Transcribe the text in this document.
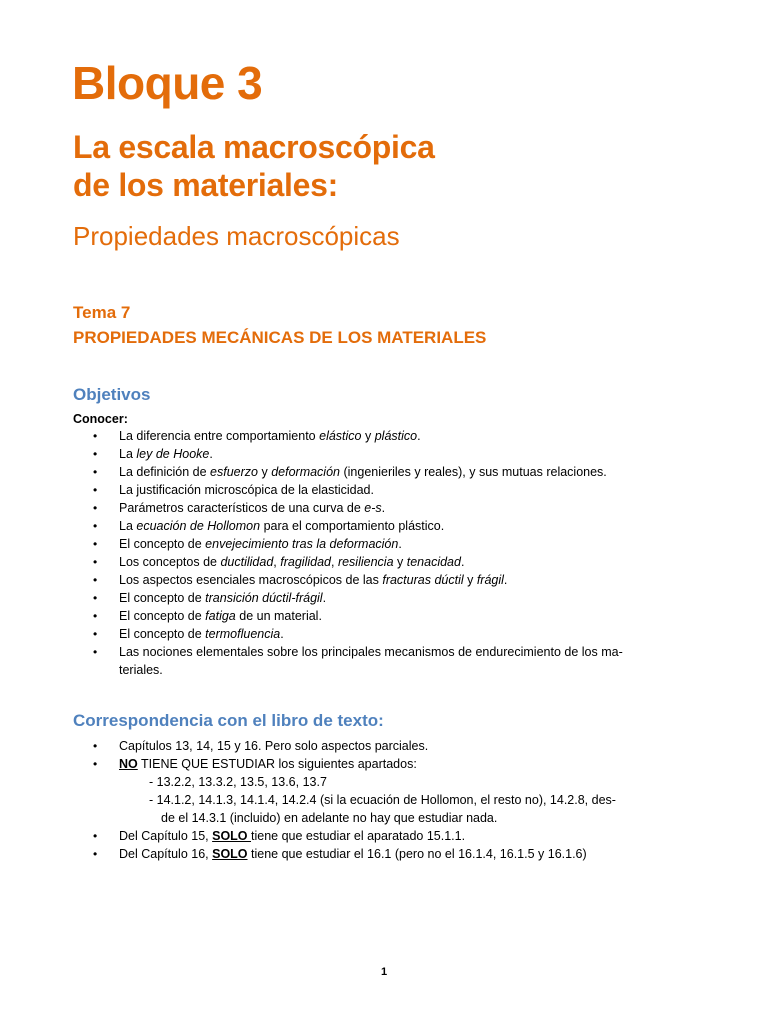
Bloque 3
La escala macroscópica
de los materiales:
Propiedades macroscópicas
Tema 7
PROPIEDADES MECÁNICAS DE LOS MATERIALES
Objetivos
Conocer:
• La diferencia entre comportamiento elástico y plástico.
• La ley de Hooke.
• La definición de esfuerzo y deformación (ingenieriles y reales), y sus mutuas relaciones.
• La justificación microscópica de la elasticidad.
• Parámetros característicos de una curva de e-s.
• La ecuación de Hollomon para el comportamiento plástico.
• El concepto de envejecimiento tras la deformación.
• Los conceptos de ductilidad, fragilidad, resiliencia y tenacidad.
• Los aspectos esenciales macroscópicos de las fracturas dúctil y frágil.
• El concepto de transición dúctil-frágil.
• El concepto de fatiga de un material.
• El concepto de termofluencia.
• Las nociones elementales sobre los principales mecanismos de endurecimiento de los ma-
teriales.
Correspondencia con el libro de texto:
• Capítulos 13, 14, 15 y 16. Pero solo aspectos parciales.
• NO TIENE QUE ESTUDIAR los siguientes apartados:
- 13.2.2, 13.3.2, 13.5, 13.6, 13.7
- 14.1.2, 14.1.3, 14.1.4, 14.2.4 (si la ecuación de Hollomon, el resto no), 14.2.8, des-
de el 14.3.1 (incluido) en adelante no hay que estudiar nada.
• Del Capítulo 15, SOLO tiene que estudiar el aparatado 15.1.1.
• Del Capítulo 16, SOLO tiene que estudiar el 16.1 (pero no el 16.1.4, 16.1.5 y 16.1.6)
1
